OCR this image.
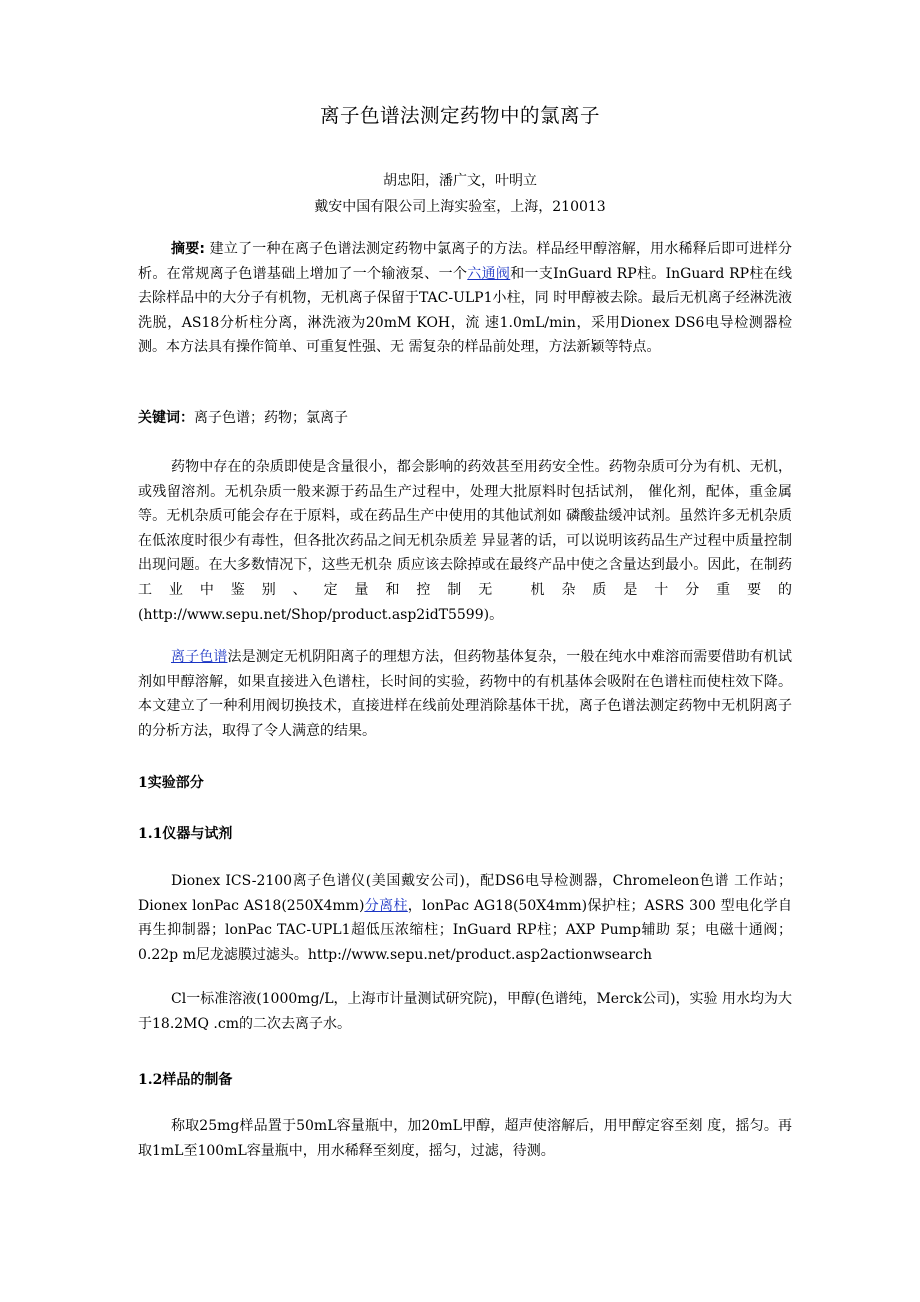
离子色谱法测定药物中的氯离子
胡忠阳，潘广文，叶明立
戴安中国有限公司上海实验室，上海，210013

摘要: 建立了一种在离子色谱法测定药物中氯离子的方法。样品经甲醇溶解，用水稀释后即可进样分析。在常规离子色谱基础上增加了一个输液泵、一个六通阀和一支InGuard RP柱。InGuard RP柱在线去除样品中的大分子有机物，无机离子保留于TAC-ULP1小柱，同 时甲醇被去除。最后无机离子经淋洗液洗脱，AS18分析柱分离，淋洗液为20mM KOH，流 速1.0mL/min，采用Dionex DS6电导检测器检测。本方法具有操作简单、可重复性强、无 需复杂的样品前处理，方法新颖等特点。

关键词：离子色谱；药物；氯离子

药物中存在的杂质即使是含量很小，都会影响的药效甚至用药安全性。药物杂质可分为有机、无机，或残留溶剂。无机杂质一般来源于药品生产过程中，处理大批原料时包括试剂， 催化剂，配体，重金属等。无机杂质可能会存在于原料，或在药品生产中使用的其他试剂如 磷酸盐缓冲试剂。虽然许多无机杂质在低浓度时很少有毒性，但各批次药品之间无机杂质差 异显著的话，可以说明该药品生产过程中质量控制出现问题。在大多数情况下，这些无机杂 质应该去除掉或在最终产品中使之含量达到最小。因此，在制药工业中鉴别、定量和控制无 机杂质是十分重要的(http://www.sepu.net/Shop/product.asp2idT5599)。

离子色谱法是测定无机阴阳离子的理想方法，但药物基体复杂，一般在纯水中难溶而需要借助有机试剂如甲醇溶解，如果直接进入色谱柱，长时间的实验，药物中的有机基体会吸附在色谱柱而使柱效下降。本文建立了一种利用阀切换技术，直接进样在线前处理消除基体干扰，离子色谱法测定药物中无机阴离子的分析方法，取得了令人满意的结果。

1实验部分
1.1仪器与试剂

Dionex ICS-2100离子色谱仪(美国戴安公司)，配DS6电导检测器，Chromeleon色谱 工作站；Dionex lonPac AS18(250X4mm)分离柱，lonPac AG18(50X4mm)保护柱；ASRS 300 型电化学自再生抑制器；lonPac TAC-UPL1超低压浓缩柱；InGuard RP柱；AXP Pump辅助 泵；电磁十通阀；0.22p m尼龙滤膜过滤头。http://www.sepu.net/product.asp2actionwsearch

Cl一标准溶液(1000mg/L，上海市计量测试研究院)，甲醇(色谱纯，Merck公司)，实验 用水均为大于18.2MQ .cm的二次去离子水。

1.2样品的制备

称取25mg样品置于50mL容量瓶中，加20mL甲醇，超声使溶解后，用甲醇定容至刻 度，摇匀。再取1mL至100mL容量瓶中，用水稀释至刻度，摇匀，过滤，待测。
